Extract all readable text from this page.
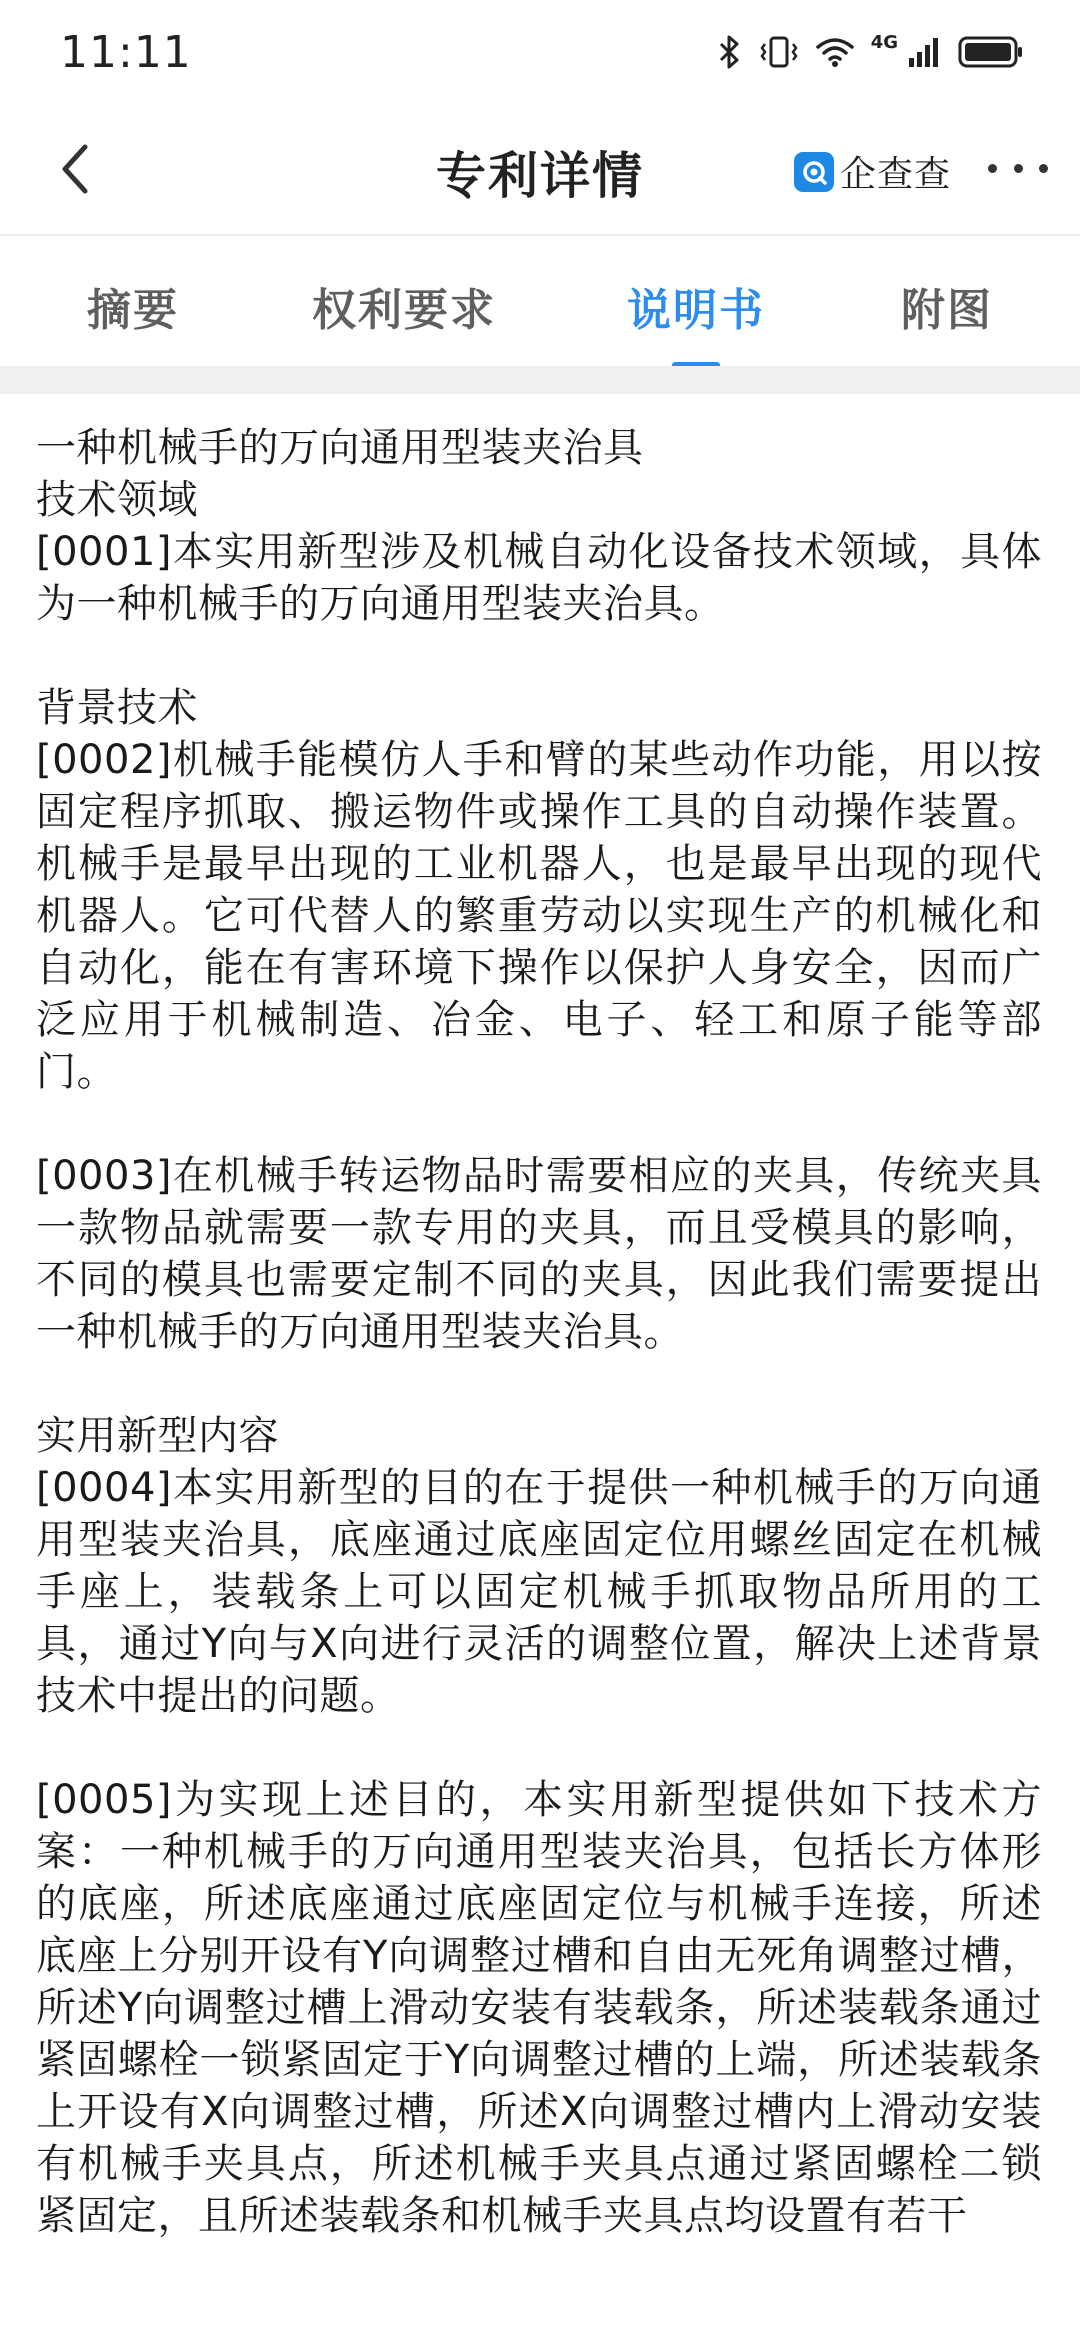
11:11	4G
专利详情	企查查
摘要	权利要求	说明书	附图

一种机械手的万向通用型装夹治具

技术领域

[0001]本实用新型涉及机械自动化设备技术领域，具体为一种机械手的万向通用型装夹治具。

背景技术

[0002]机械手能模仿人手和臂的某些动作功能，用以按固定程序抓取、搬运物件或操作工具的自动操作装置。机械手是最早出现的工业机器人，也是最早出现的现代机器人。它可代替人的繁重劳动以实现生产的机械化和自动化，能在有害环境下操作以保护人身安全，因而广泛应用于机械制造、冶金、电子、轻工和原子能等部门。

[0003]在机械手转运物品时需要相应的夹具，传统夹具一款物品就需要一款专用的夹具，而且受模具的影响，不同的模具也需要定制不同的夹具，因此我们需要提出一种机械手的万向通用型装夹治具。

实用新型内容

[0004]本实用新型的目的在于提供一种机械手的万向通用型装夹治具，底座通过底座固定位用螺丝固定在机械手座上，装载条上可以固定机械手抓取物品所用的工具，通过Y向与X向进行灵活的调整位置，解决上述背景技术中提出的问题。

[0005]为实现上述目的，本实用新型提供如下技术方案：一种机械手的万向通用型装夹治具，包括长方体形的底座，所述底座通过底座固定位与机械手连接，所述底座上分别开设有Y向调整过槽和自由无死角调整过槽，所述Y向调整过槽上滑动安装有装载条，所述装载条通过紧固螺栓一锁紧固定于Y向调整过槽的上端，所述装载条上开设有X向调整过槽，所述X向调整过槽内上滑动安装有机械手夹具点，所述机械手夹具点通过紧固螺栓二锁紧固定，且所述装载条和机械手夹具点均设置有若干
